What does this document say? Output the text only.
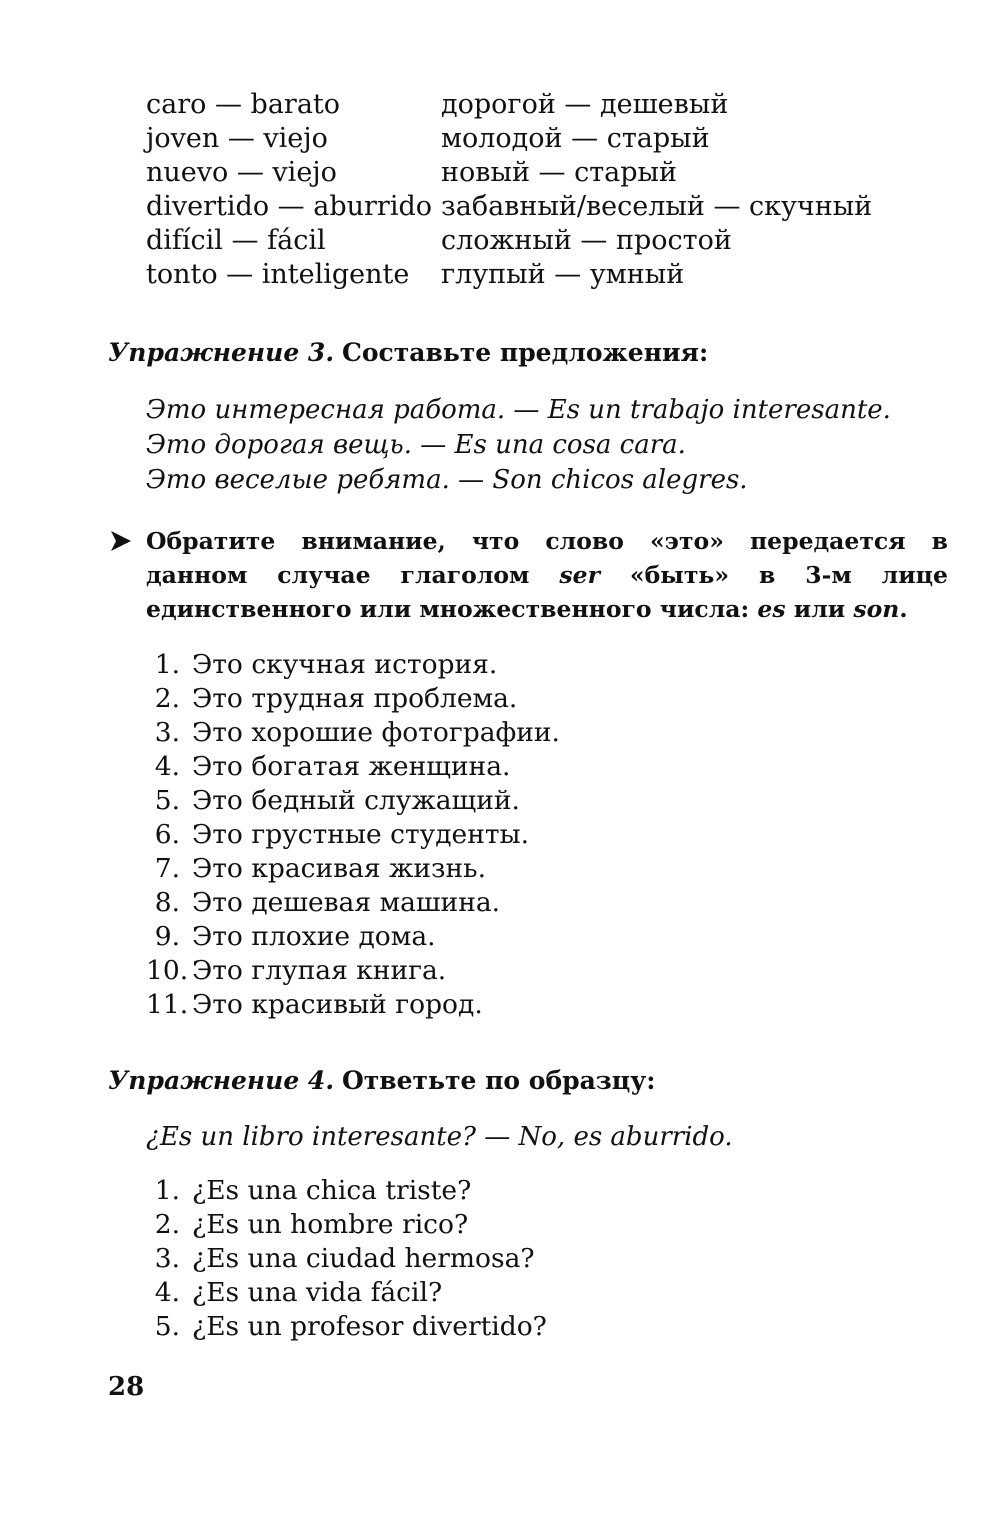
caro — barato	дорогой — дешевый
joven — viejo	молодой — старый
nuevo — viejo	новый — старый
divertido — aburrido забавный/веселый — скучный
difícil — fácil	сложный — простой
tonto — inteligente	глупый — умный
Упражнение 3. Составьте предложения:
Это интересная работа. — Es un trabajo interesante.
Это дорогая вещь. — Es una cosa cara.
Это веселые ребята. — Son chicos alegres.
Обратите внимание, что слово «это» передается в данном случае глаголом ser «быть» в 3-м лице единственного или множественного числа: es или son.
1. Это скучная история.
2. Это трудная проблема.
3. Это хорошие фотографии.
4. Это богатая женщина.
5. Это бедный служащий.
6. Это грустные студенты.
7. Это красивая жизнь.
8. Это дешевая машина.
9. Это плохие дома.
10. Это глупая книга.
11. Это красивый город.
Упражнение 4. Ответьте по образцу:
¿Es un libro interesante? — No, es aburrido.
1. ¿Es una chica triste?
2. ¿Es un hombre rico?
3. ¿Es una ciudad hermosa?
4. ¿Es una vida fácil?
5. ¿Es un profesor divertido?
28
